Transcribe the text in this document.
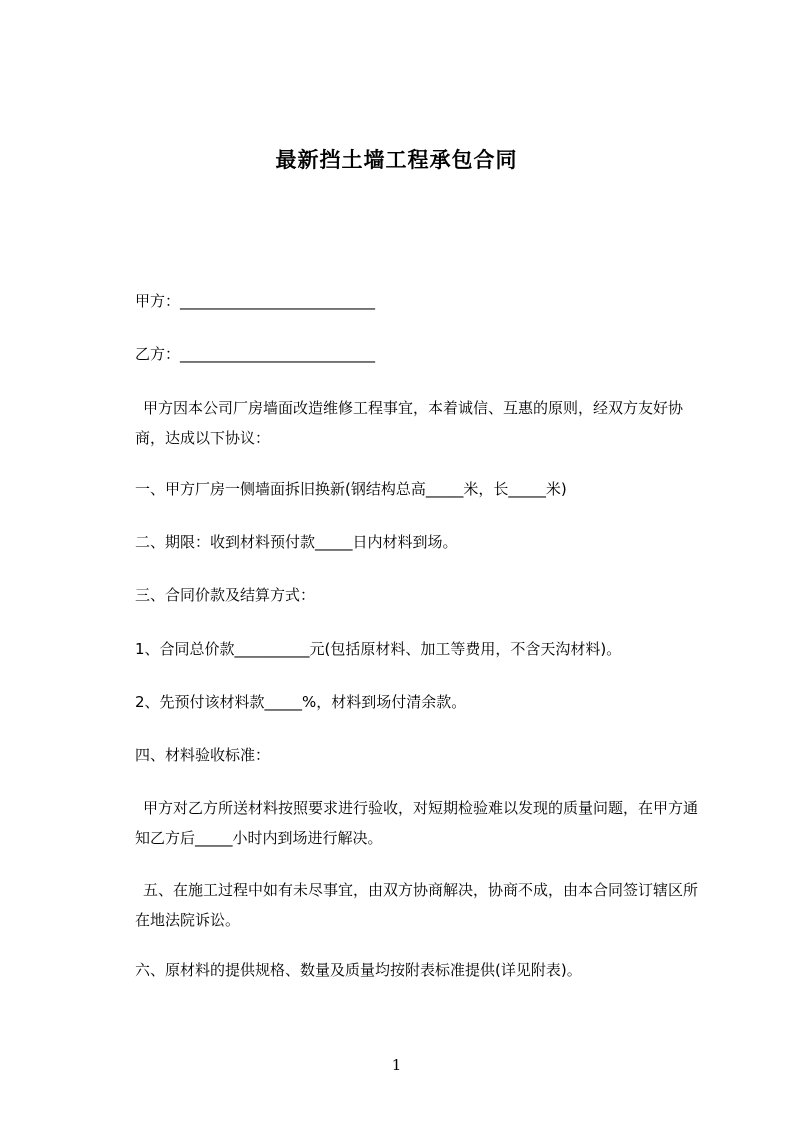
最新挡土墙工程承包合同
甲方：__________________________
乙方：__________________________
甲方因本公司厂房墙面改造维修工程事宜，本着诚信、互惠的原则，经双方友好协商，达成以下协议：
一、甲方厂房一侧墙面拆旧换新(钢结构总高_____米，长_____米)
二、期限：收到材料预付款_____日内材料到场。
三、合同价款及结算方式：
1、合同总价款__________元(包括原材料、加工等费用，不含天沟材料)。
2、先预付该材料款_____%，材料到场付清余款。
四、材料验收标准：
甲方对乙方所送材料按照要求进行验收，对短期检验难以发现的质量问题，在甲方通知乙方后_____小时内到场进行解决。
五、在施工过程中如有未尽事宜，由双方协商解决，协商不成，由本合同签订辖区所在地法院诉讼。
六、原材料的提供规格、数量及质量均按附表标准提供(详见附表)。
1
